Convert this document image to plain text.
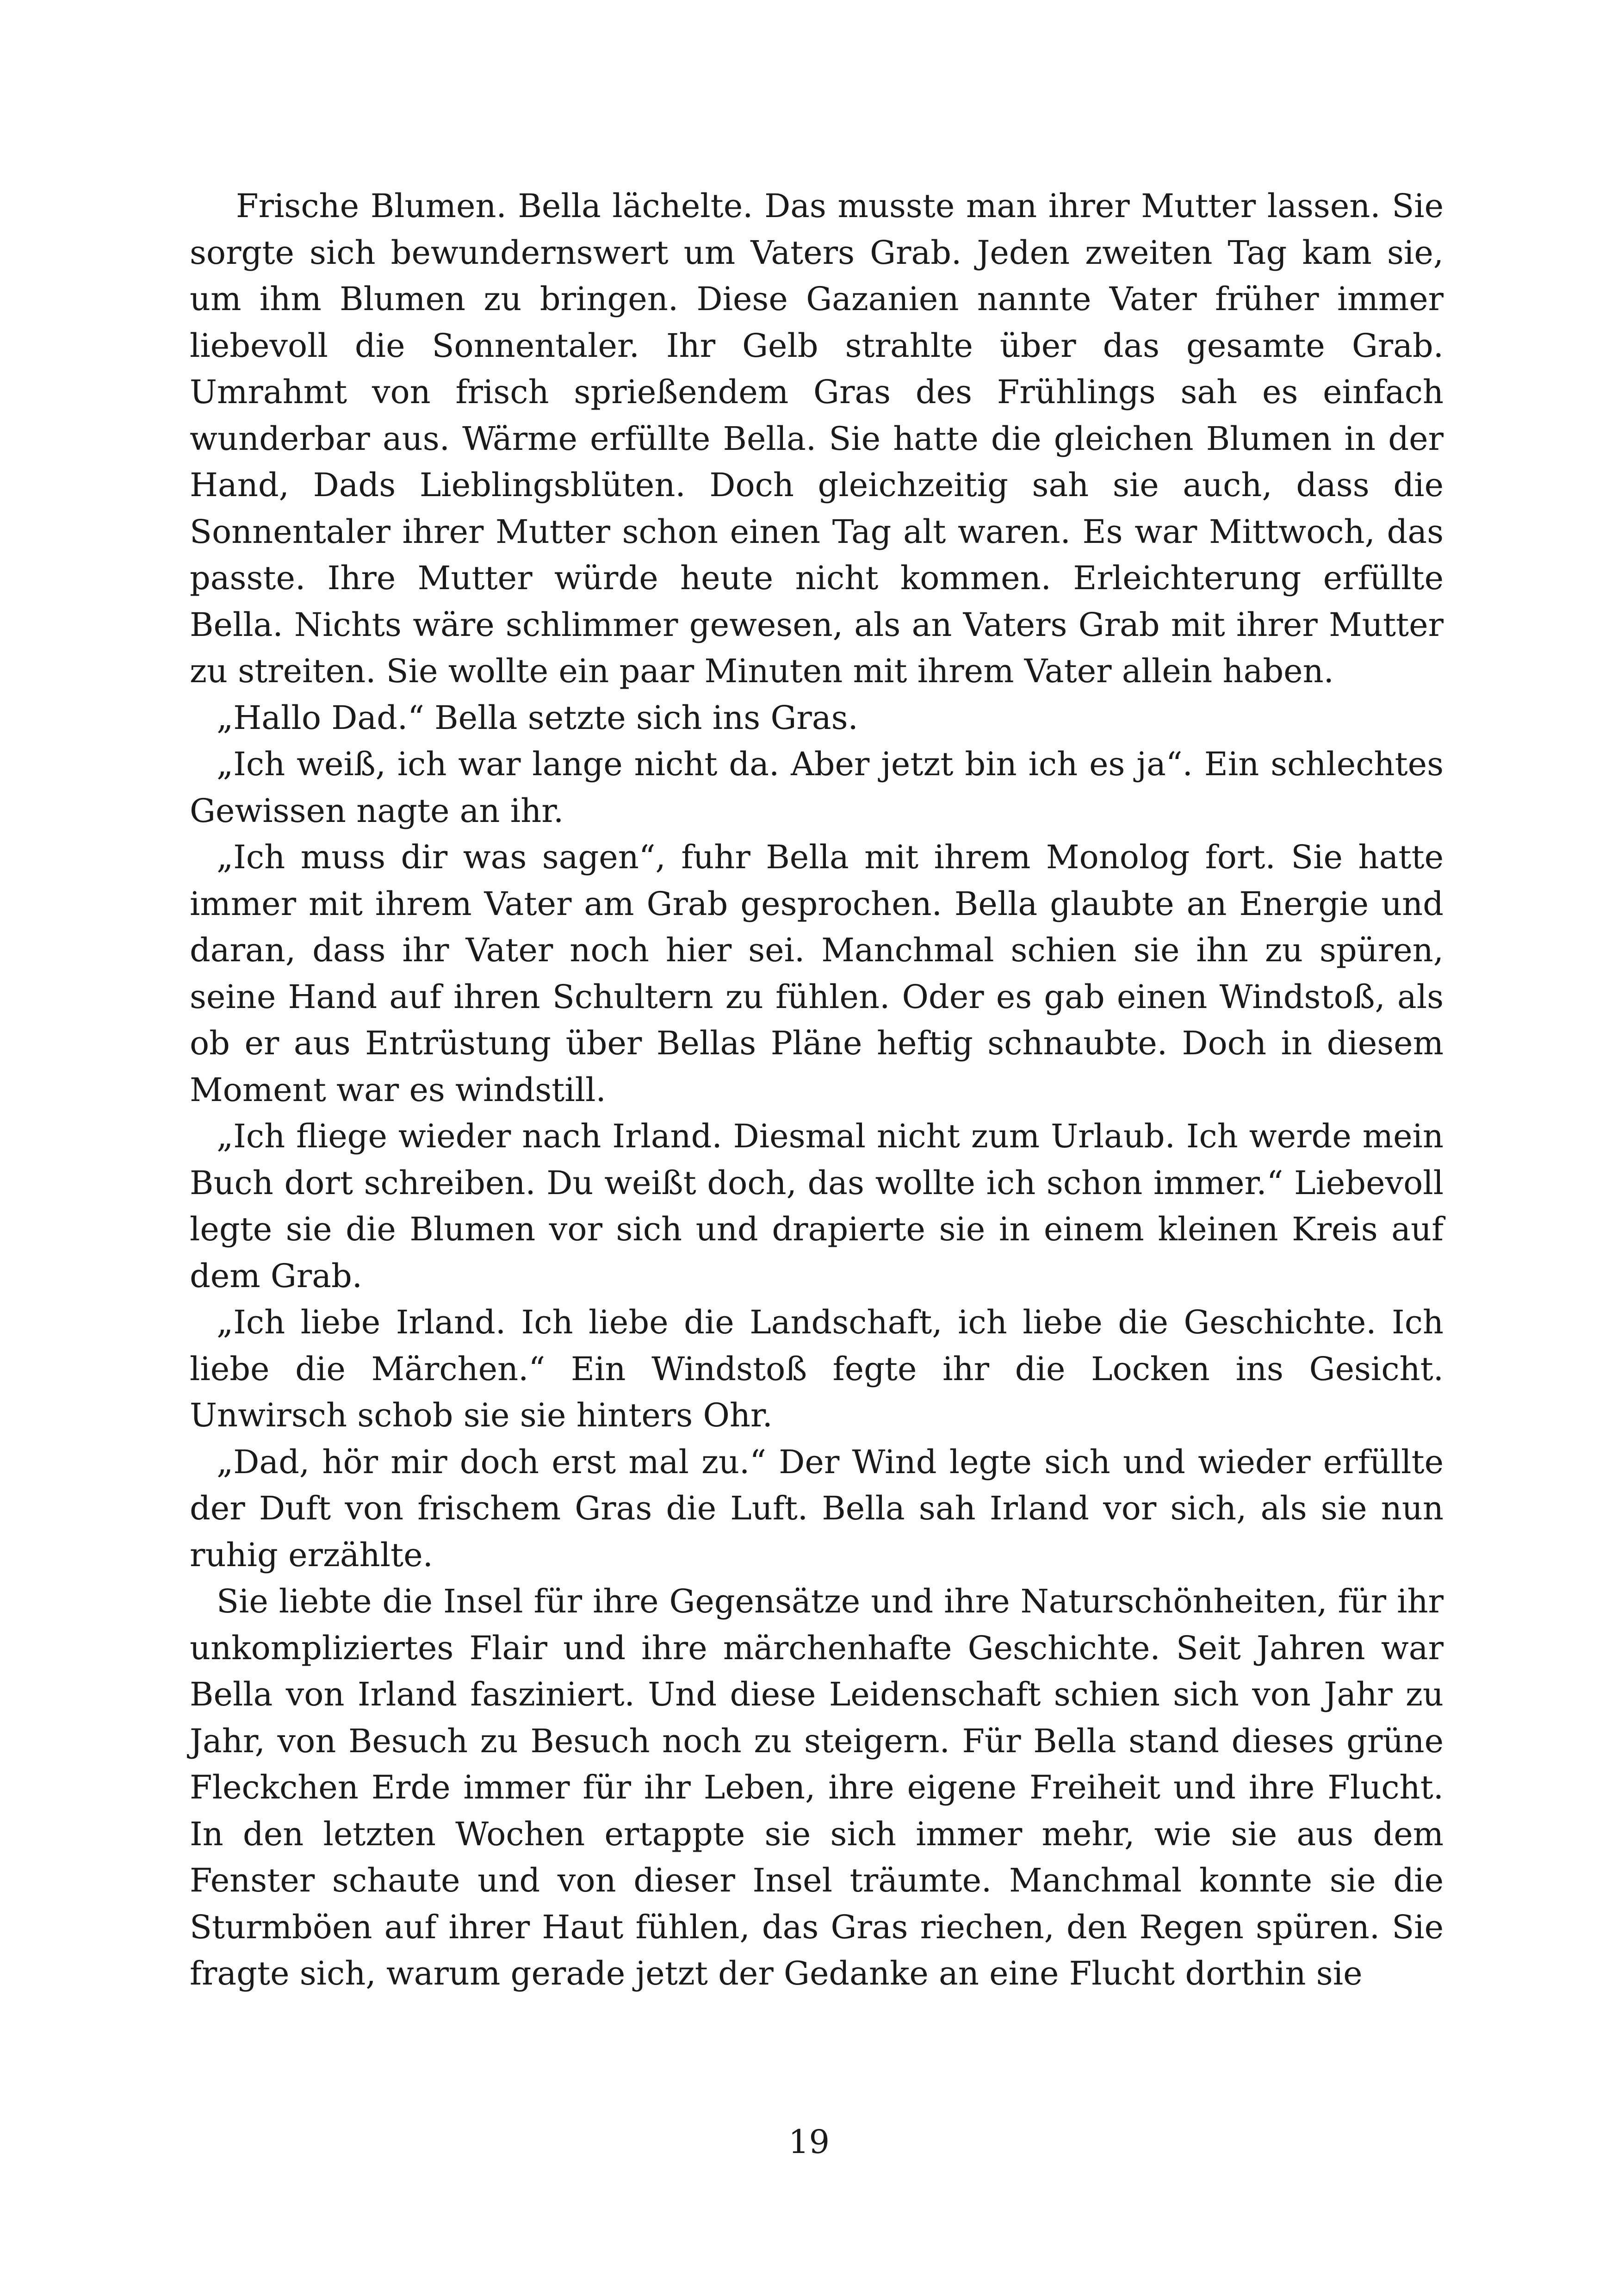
Frische Blumen. Bella lächelte. Das musste man ihrer Mutter lassen. Sie sorgte sich bewundernswert um Vaters Grab. Jeden zweiten Tag kam sie, um ihm Blumen zu bringen. Diese Gazanien nannte Vater früher immer liebevoll die Sonnentaler. Ihr Gelb strahlte über das gesamte Grab. Umrahmt von frisch sprießendem Gras des Frühlings sah es einfach wunderbar aus. Wärme erfüllte Bella. Sie hatte die gleichen Blumen in der Hand, Dads Lieblingsblüten. Doch gleichzeitig sah sie auch, dass die Sonnentaler ihrer Mutter schon einen Tag alt waren. Es war Mittwoch, das passte. Ihre Mutter würde heute nicht kommen. Erleichterung erfüllte Bella. Nichts wäre schlimmer gewesen, als an Vaters Grab mit ihrer Mutter zu streiten. Sie wollte ein paar Minuten mit ihrem Vater allein haben.

„Hallo Dad.“ Bella setzte sich ins Gras.

„Ich weiß, ich war lange nicht da. Aber jetzt bin ich es ja“. Ein schlechtes Gewissen nagte an ihr.

„Ich muss dir was sagen“, fuhr Bella mit ihrem Monolog fort. Sie hatte immer mit ihrem Vater am Grab gesprochen. Bella glaubte an Energie und daran, dass ihr Vater noch hier sei. Manchmal schien sie ihn zu spüren, seine Hand auf ihren Schultern zu fühlen. Oder es gab einen Windstoß, als ob er aus Entrüstung über Bellas Pläne heftig schnaubte. Doch in diesem Moment war es windstill.

„Ich fliege wieder nach Irland. Diesmal nicht zum Urlaub. Ich werde mein Buch dort schreiben. Du weißt doch, das wollte ich schon immer.“ Liebevoll legte sie die Blumen vor sich und drapierte sie in einem kleinen Kreis auf dem Grab.

„Ich liebe Irland. Ich liebe die Landschaft, ich liebe die Geschichte. Ich liebe die Märchen.“ Ein Windstoß fegte ihr die Locken ins Gesicht. Unwirsch schob sie sie hinters Ohr.

„Dad, hör mir doch erst mal zu.“ Der Wind legte sich und wieder erfüllte der Duft von frischem Gras die Luft. Bella sah Irland vor sich, als sie nun ruhig erzählte.

Sie liebte die Insel für ihre Gegensätze und ihre Naturschönheiten, für ihr unkompliziertes Flair und ihre märchenhafte Geschichte. Seit Jahren war Bella von Irland fasziniert. Und diese Leidenschaft schien sich von Jahr zu Jahr, von Besuch zu Besuch noch zu steigern. Für Bella stand dieses grüne Fleckchen Erde immer für ihr Leben, ihre eigene Freiheit und ihre Flucht. In den letzten Wochen ertappte sie sich immer mehr, wie sie aus dem Fenster schaute und von dieser Insel träumte. Manchmal konnte sie die Sturmböen auf ihrer Haut fühlen, das Gras riechen, den Regen spüren. Sie fragte sich, warum gerade jetzt der Gedanke an eine Flucht dorthin sie

19
